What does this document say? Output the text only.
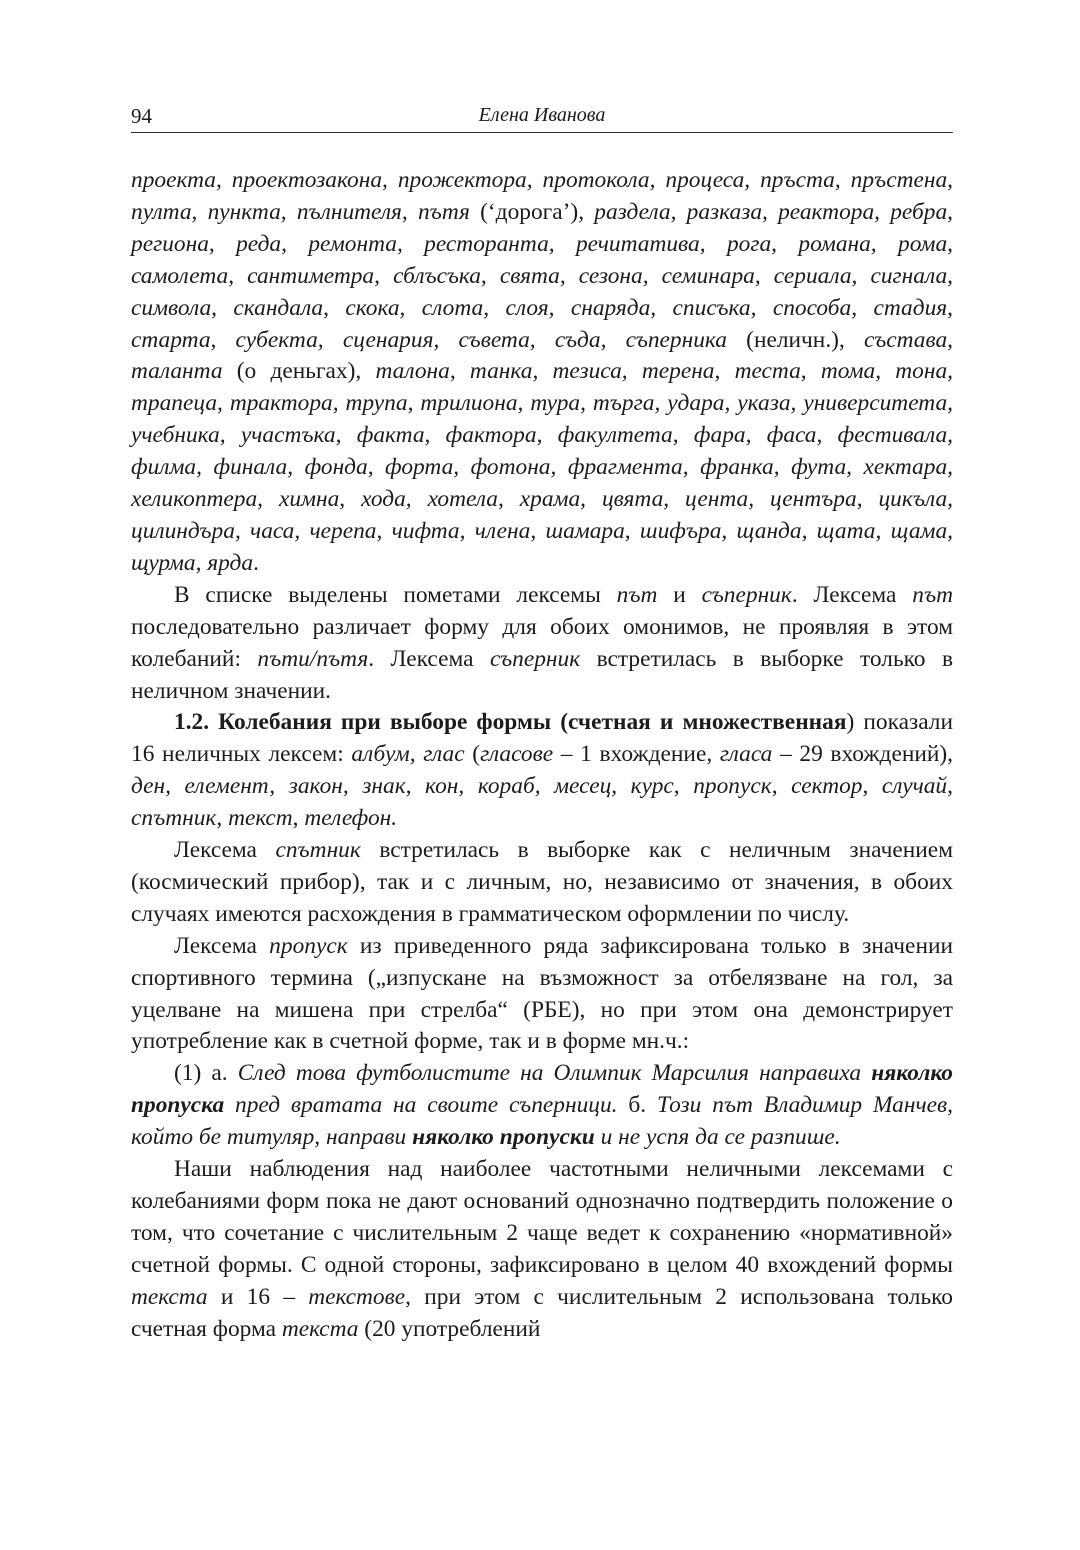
94	Елена Иванова

проекта, проектозакона, прожектора, протокола, процеса, пръста, пръстена, пулта, пункта, пълнителя, пътя (‘дорога’), раздела, разказа, реактора, ребра, региона, реда, ремонта, ресторанта, речитатива, рога, романа, рома, самолета, сантиметра, сблъсъка, свята, сезона, семинара, сериала, сигнала, символа, скандала, скока, слота, слоя, снаряда, списъка, способа, стадия, старта, субекта, сценария, съвета, съда, съперника (неличн.), състава, таланта (о деньгах), талона, танка, тезиса, терена, теста, тома, тона, трапеца, трактора, трупа, трилиона, тура, търга, удара, указа, университета, учебника, участъка, факта, фактора, факултета, фара, фаса, фестивала, филма, финала, фонда, форта, фотона, фрагмента, франка, фута, хектара, хеликоптера, химна, хода, хотела, храма, цвята, цента, центъра, цикъла, цилиндъра, часа, черепа, чифта, члена, шамара, шифъра, щанда, щата, щама, щурма, ярда.

В списке выделены пометами лексемы път и съперник. Лексема път последовательно различает форму для обоих омонимов, не проявляя в этом колебаний: пъти/пътя. Лексема съперник встретилась в выборке только в неличном значении.

1.2. Колебания при выборе формы (счетная и множественная) показали 16 неличных лексем: албум, глас (гласове – 1 вхождение, гласа – 29 вхождений), ден, елемент, закон, знак, кон, кораб, месец, курс, пропуск, сектор, случай, спътник, текст, телефон.

Лексема спътник встретилась в выборке как с неличным значением (космический прибор), так и с личным, но, независимо от значения, в обоих случаях имеются расхождения в грамматическом оформлении по числу.

Лексема пропуск из приведенного ряда зафиксирована только в значении спортивного термина („изпускане на възможност за отбелязване на гол, за уцелване на мишена при стрелба“ (РБЕ), но при этом она демонстрирует употребление как в счетной форме, так и в форме мн.ч.:

(1) а. След това футболистите на Олимпик Марсилия направиха няколко пропуска пред вратата на своите съперници. б. Този път Владимир Манчев, който бе титуляр, направи няколко пропуски и не успя да се разпише.

Наши наблюдения над наиболее частотными неличными лексемами с колебаниями форм пока не дают оснований однозначно подтвердить положение о том, что сочетание с числительным 2 чаще ведет к сохранению «нормативной» счетной формы. С одной стороны, зафиксировано в целом 40 вхождений формы текста и 16 – текстове, при этом с числительным 2 использована только счетная форма текста (20 употреблений
